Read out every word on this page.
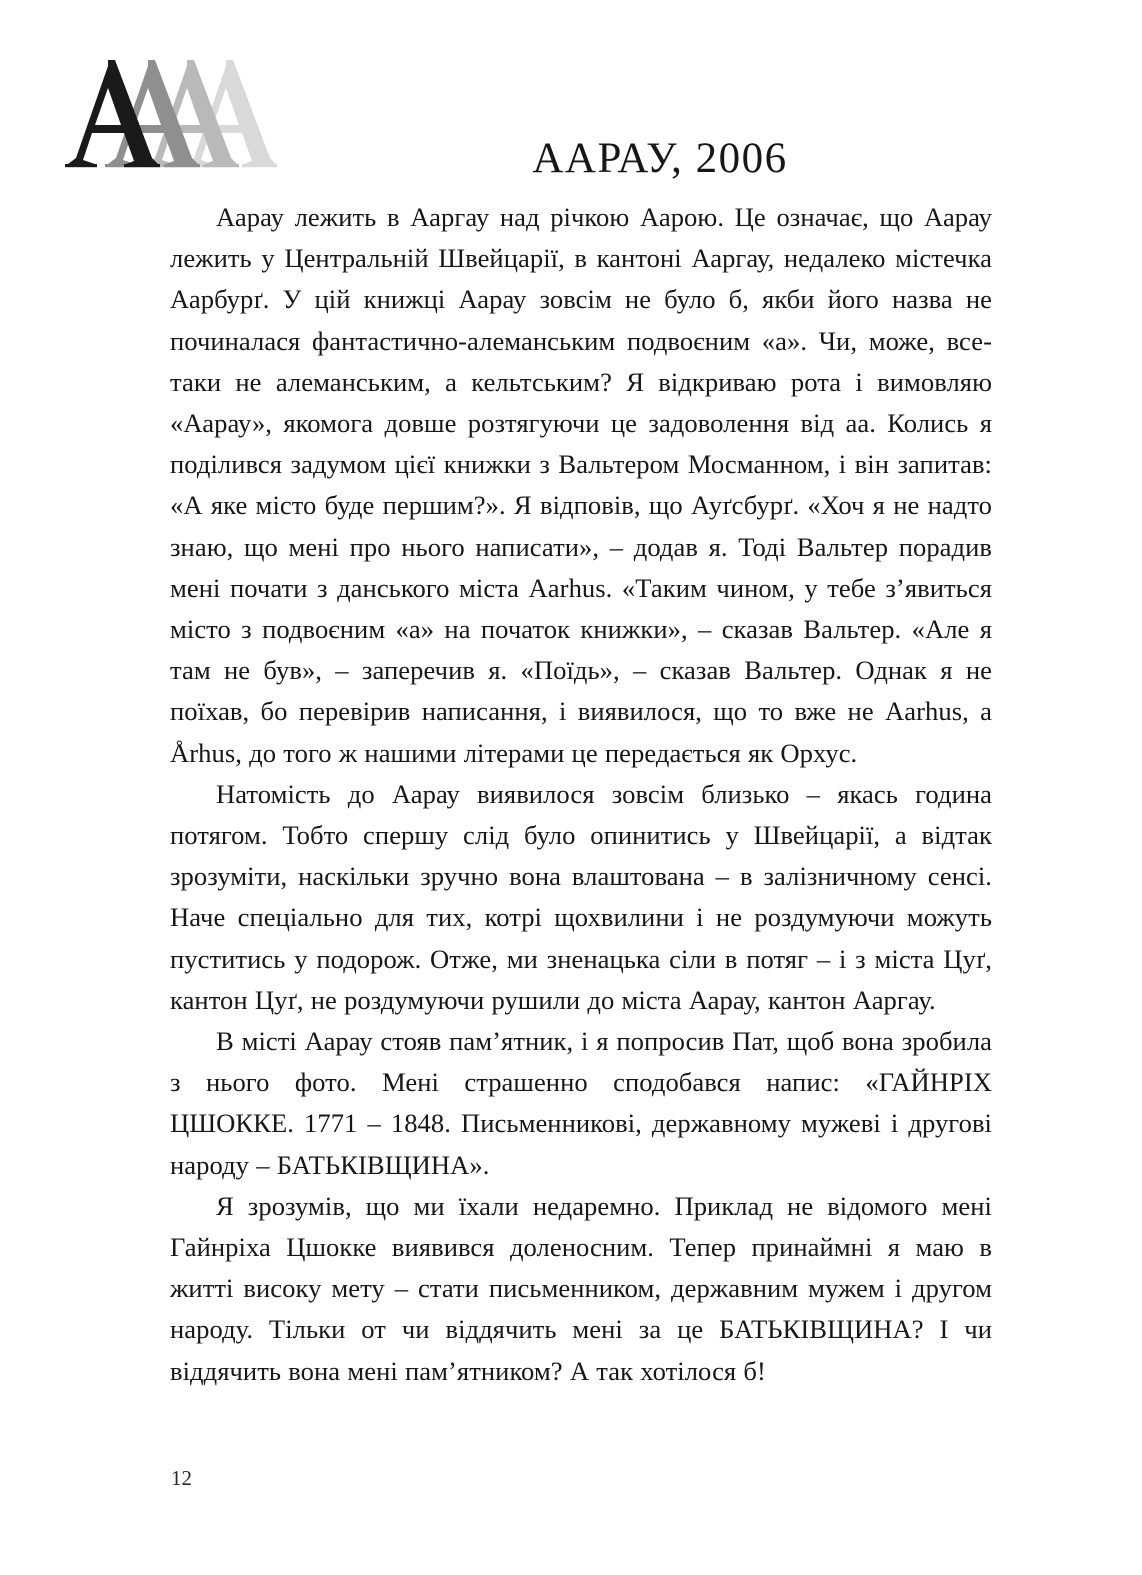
ААРАУ, 2006

Аарау лежить в Ааргау над річкою Аарою. Це означає, що Аарау лежить у Центральній Швейцарії, в кантоні Ааргау, недалеко містечка Аарбурґ. У цій книжці Аарау зовсім не було б, якби його назва не починалася фантастично-алеманським подвоєним «а». Чи, може, все-таки не алеманським, а кельтським? Я відкриваю рота і вимовляю «Аарау», якомога довше розтягуючи це задоволення від аа. Колись я поділився задумом цієї книжки з Вальтером Мосманном, і він запитав: «А яке місто буде першим?». Я відповів, що Ауґсбурґ. «Хоч я не надто знаю, що мені про нього написати», – додав я. Тоді Вальтер порадив мені почати з данського міста Aarhus. «Таким чином, у тебе з’явиться місто з подвоєним «а» на початок книжки», – сказав Вальтер. «Але я там не був», – заперечив я. «Поїдь», – сказав Вальтер. Однак я не поїхав, бо перевірив написання, і виявилося, що то вже не Aarhus, а Århus, до того ж нашими літерами це передається як Орхус.

Натомість до Аарау виявилося зовсім близько – якась година потягом. Тобто спершу слід було опинитись у Швейцарії, а відтак зрозуміти, наскільки зручно вона влаштована – в залізничному сенсі. Наче спеціально для тих, котрі щохвилини і не роздумуючи можуть пуститись у подорож. Отже, ми зненацька сіли в потяг – і з міста Цуґ, кантон Цуґ, не роздумуючи рушили до міста Аарау, кантон Ааргау.

В місті Аарау стояв пам’ятник, і я попросив Пат, щоб вона зробила з нього фото. Мені страшенно сподобався напис: «ГАЙНРІХ ЦШОККЕ. 1771 – 1848. Письменникові, державному мужеві і другові народу – БАТЬКІВЩИНА».

Я зрозумів, що ми їхали недаремно. Приклад не відомого мені Гайнріха Цшокке виявився доленосним. Тепер принаймні я маю в житті високу мету – стати письменником, державним мужем і другом народу. Тільки от чи віддячить мені за це БАТЬКІВЩИНА? І чи віддячить вона мені пам’ятником? А так хотілося б!

12
